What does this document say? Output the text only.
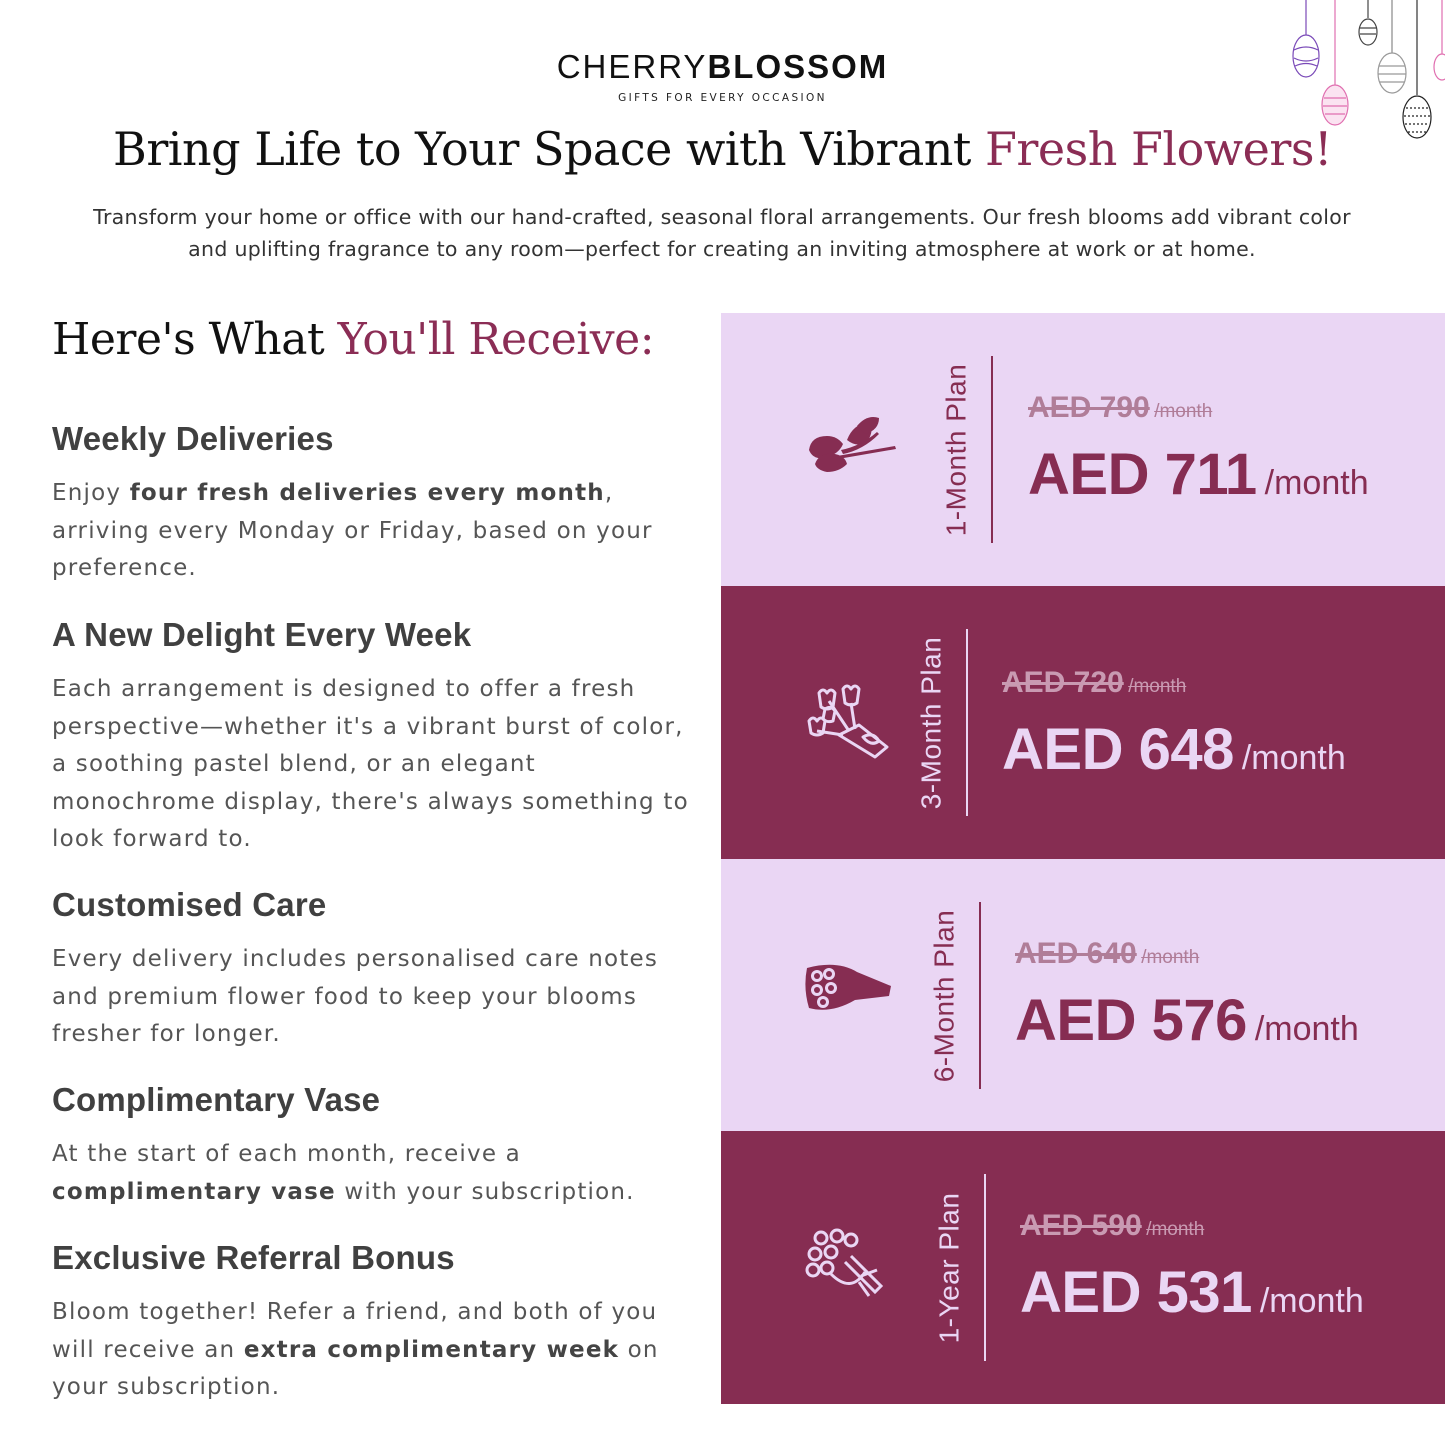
CHERRYBLOSSOM
GIFTS FOR EVERY OCCASION
Bring Life to Your Space with Vibrant Fresh Flowers!
Transform your home or office with our hand-crafted, seasonal floral arrangements. Our fresh blooms add vibrant color and uplifting fragrance to any room—perfect for creating an inviting atmosphere at work or at home.
Here's What You'll Receive:
Weekly Deliveries

Enjoy four fresh deliveries every month, arriving every Monday or Friday, based on your preference.

A New Delight Every Week

Each arrangement is designed to offer a fresh perspective—whether it's a vibrant burst of color, a soothing pastel blend, or an elegant monochrome display, there's always something to look forward to.

Customised Care

Every delivery includes personalised care notes and premium flower food to keep your blooms fresher for longer.

Complimentary Vase

At the start of each month, receive a complimentary vase with your subscription.

Exclusive Referral Bonus

Bloom together! Refer a friend, and both of you will receive an extra complimentary week on your subscription.

1-Month Plan AED 790 /month
AED 711 /month
3-Month Plan AED 720 /month
AED 648 /month
6-Month Plan AED 640 /month
AED 576 /month
1-Year Plan AED 590 /month
AED 531 /month
